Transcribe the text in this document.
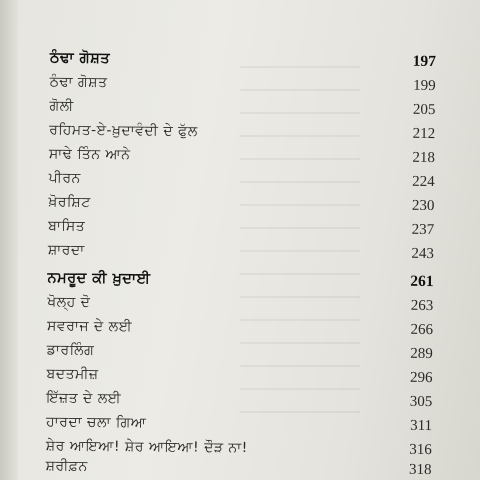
ਠੰਢਾ ਗੋਸ਼ਤ	197
ਠੰਢਾ ਗੋਸ਼ਤ	199
ਗੋਲੀ	205
ਰਹਿਮਤ-ਏ-ਖ਼ੁਦਾਵੰਦੀ ਦੇ ਫੁੱਲ	212
ਸਾਢੇ ਤਿੰਨ ਆਨੇ	218
ਪੀਰਨ	224
ਖ਼ੋਰਸ਼ਿਟ	230
ਬਾਸਿਤ	237
ਸ਼ਾਰਦਾ	243
ਨਮਰੂਦ ਕੀ ਖ਼ੁਦਾਈ	261
ਖੋਲ੍ਹ ਦੋ	263
ਸਵਰਾਜ ਦੇ ਲਈ	266
ਡਾਰਲਿੰਗ	289
ਬਦਤਮੀਜ਼	296
ਇੱਜ਼ਤ ਦੇ ਲਈ	305
ਹਾਰਦਾ ਚਲਾ ਗਿਆ	311
ਸ਼ੇਰ ਆਇਆ! ਸ਼ੇਰ ਆਇਆ! ਦੌੜ ਨਾ!	316
ਸ਼ਰੀਫ਼ਨ	318
